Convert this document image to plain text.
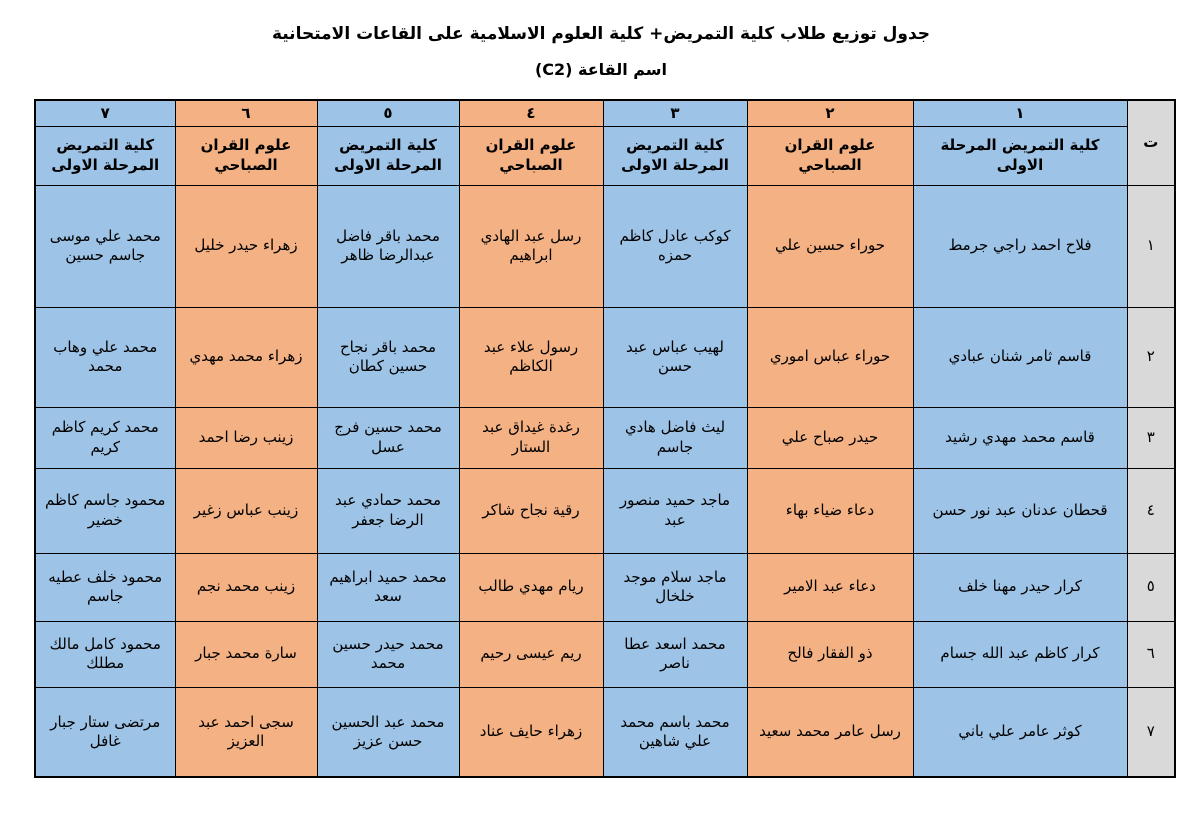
جدول توزيع طلاب كلية التمريض+ كلية العلوم الاسلامية على القاعات الامتحانية
اسم القاعة (C2)
ت	١	٢	٣	٤	٥	٦	٧
	كلية التمريض المرحلة الاولى	علوم القران الصباحي	كلية التمريض المرحلة الاولى	علوم القران الصباحي	كلية التمريض المرحلة الاولى	علوم القران الصباحي	كلية التمريض المرحلة الاولى
١	فلاح احمد راجي جرمط	حوراء حسين علي	كوكب عادل كاظم حمزه	رسل عبد الهادي ابراهيم	محمد باقر فاضل عبدالرضا ظاهر	زهراء حيدر خليل	محمد علي موسى جاسم حسين
٢	قاسم ثامر شنان عبادي	حوراء عباس اموري	لهيب عباس عبد حسن	رسول علاء عبد الكاظم	محمد باقر نجاح حسين كطان	زهراء محمد مهدي	محمد علي وهاب محمد
٣	قاسم محمد مهدي رشيد	حيدر صباح علي	ليث فاضل هادي جاسم	رغدة غيداق عبد الستار	محمد حسين فرج عسل	زينب رضا احمد	محمد كريم كاظم كريم
٤	قحطان عدنان عبد نور حسن	دعاء ضياء بهاء	ماجد حميد منصور عبد	رقية نجاح شاكر	محمد حمادي عبد الرضا جعفر	زينب عباس زغير	محمود جاسم كاظم خضير
٥	كرار حيدر مهنا خلف	دعاء عبد الامير	ماجد سلام موجد خلخال	ريام مهدي طالب	محمد حميد ابراهيم سعد	زينب محمد نجم	محمود خلف عطيه جاسم
٦	كرار كاظم عبد الله جسام	ذو الفقار فالح	محمد اسعد عطا ناصر	ريم عيسى رحيم	محمد حيدر حسين محمد	سارة محمد جبار	محمود كامل مالك مطلك
٧	كوثر عامر علي باني	رسل عامر محمد سعيد	محمد باسم محمد علي شاهين	زهراء حايف عناد	محمد عبد الحسين حسن عزيز	سجى احمد عبد العزيز	مرتضى ستار جبار غافل
